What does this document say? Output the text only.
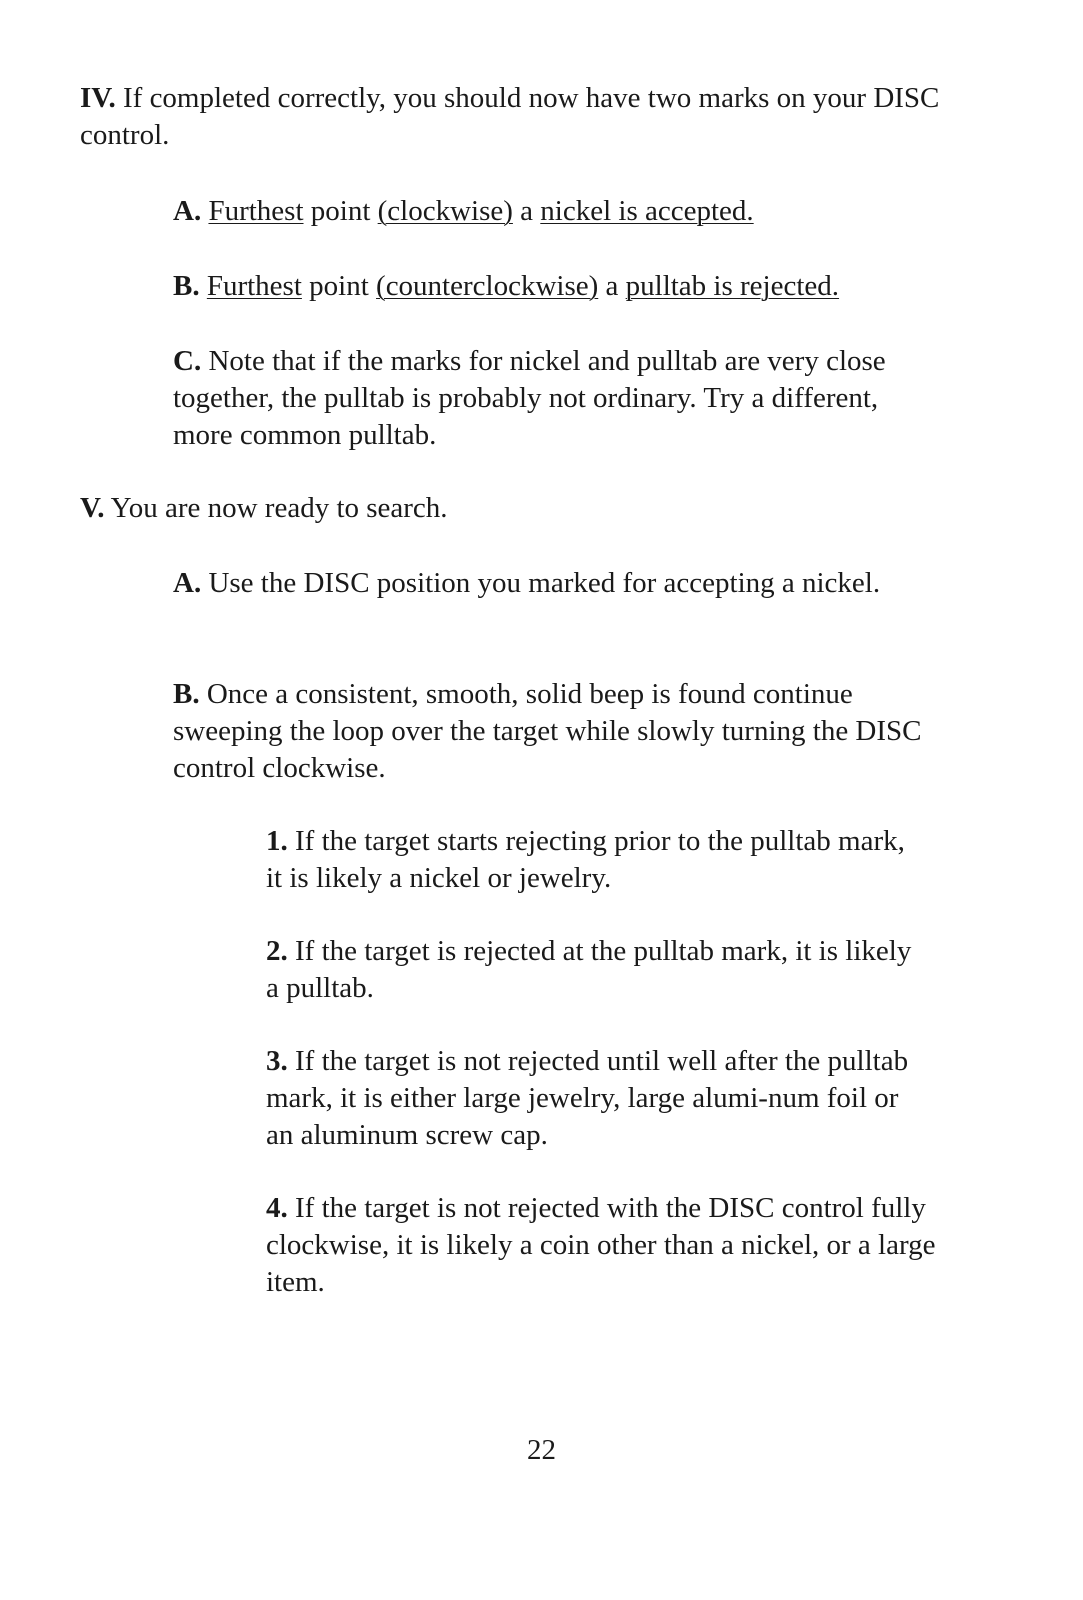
IV. If completed correctly, you should now have two marks on your DISC control.

A. Furthest point (clockwise) a nickel is accepted.

B. Furthest point (counterclockwise) a pulltab is rejected.

C. Note that if the marks for nickel and pulltab are very close together, the pulltab is probably not ordinary. Try a different, more common pulltab.

V. You are now ready to search.

A. Use the DISC position you marked for accepting a nickel.

B. Once a consistent, smooth, solid beep is found continue sweeping the loop over the target while slowly turning the DISC control clockwise.

1. If the target starts rejecting prior to the pulltab mark, it is likely a nickel or jewelry.

2. If the target is rejected at the pulltab mark, it is likely a pulltab.

3. If the target is not rejected until well after the pulltab mark, it is either large jewelry, large alumi-num foil or an aluminum screw cap.

4. If the target is not rejected with the DISC control fully clockwise, it is likely a coin other than a nickel, or a large item.

22
